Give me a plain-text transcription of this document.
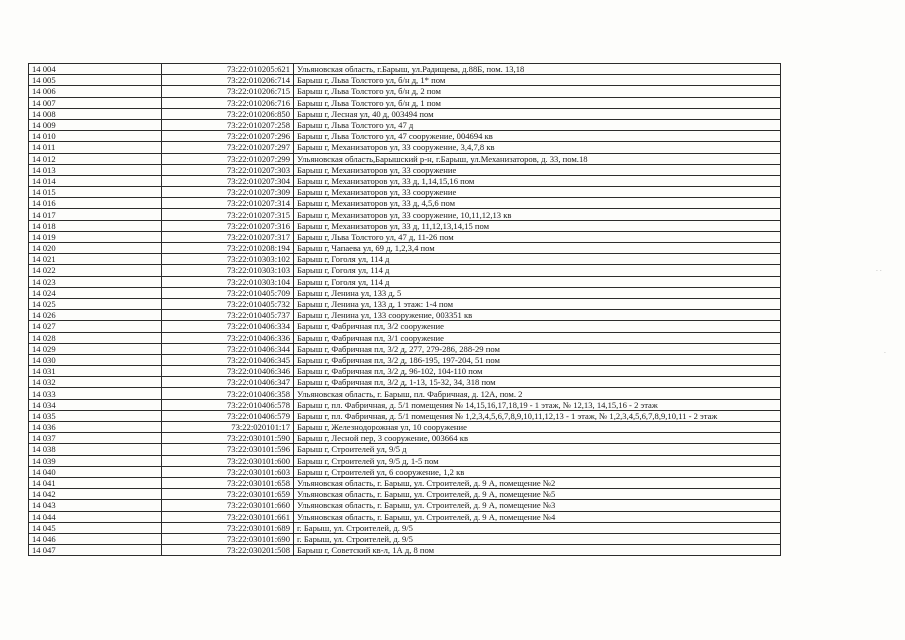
14 004	73:22:010205:621	Ульяновская область, г.Барыш, ул.Радищева, д.88Б, пом. 13,18
14 005	73:22:010206:714	Барыш г, Льва Толстого ул, б/н д, 1* пом
14 006	73:22:010206:715	Барыш г, Льва Толстого ул, б/н д, 2 пом
14 007	73:22:010206:716	Барыш г, Льва Толстого ул, б/н д, 1 пом
14 008	73:22:010206:850	Барыш г, Лесная ул, 40 д, 003494 пом
14 009	73:22:010207:258	Барыш г, Льва Толстого ул, 47 д
14 010	73:22:010207:296	Барыш г, Льва Толстого ул, 47 сооружение, 004694 кв
14 011	73:22:010207:297	Барыш г, Механизаторов ул, 33 сооружение, 3,4,7,8 кв
14 012	73:22:010207:299	Ульяновская область,Барышский р-н, г.Барыш, ул.Механизаторов, д. 33, пом.18
14 013	73:22:010207:303	Барыш г, Механизаторов ул, 33 сооружение
14 014	73:22:010207:304	Барыш г, Механизаторов ул, 33 д, 1,14,15,16 пом
14 015	73:22:010207:309	Барыш г, Механизаторов ул, 33 сооружение
14 016	73:22:010207:314	Барыш г, Механизаторов ул, 33 д, 4,5,6 пом
14 017	73:22:010207:315	Барыш г, Механизаторов ул, 33 сооружение, 10,11,12,13 кв
14 018	73:22:010207:316	Барыш г, Механизаторов ул, 33 д, 11,12,13,14,15 пом
14 019	73:22:010207:317	Барыш г, Льва Толстого ул, 47 д, 11-26 пом
14 020	73:22:010208:194	Барыш г, Чапаева ул, 69 д, 1,2,3,4 пом
14 021	73:22:010303:102	Барыш г, Гоголя ул, 114 д
14 022	73:22:010303:103	Барыш г, Гоголя ул, 114 д
14 023	73:22:010303:104	Барыш г, Гоголя ул, 114 д
14 024	73:22:010405:709	Барыш г, Ленина ул, 133 д, 5
14 025	73:22:010405:732	Барыш г, Ленина ул, 133 д, 1 этаж: 1-4 пом
14 026	73:22:010405:737	Барыш г, Ленина ул, 133 сооружение, 003351 кв
14 027	73:22:010406:334	Барыш г, Фабричная пл, 3/2 сооружение
14 028	73:22:010406:336	Барыш г, Фабричная пл, 3/1 сооружение
14 029	73:22:010406:344	Барыш г, Фабричная пл, 3/2 д, 277, 279-286, 288-29 пом
14 030	73:22:010406:345	Барыш г, Фабричная пл, 3/2 д, 186-195, 197-204, 51 пом
14 031	73:22:010406:346	Барыш г, Фабричная пл, 3/2 д, 96-102, 104-110 пом
14 032	73:22:010406:347	Барыш г, Фабричная пл, 3/2 д, 1-13, 15-32, 34, 318 пом
14 033	73:22:010406:358	Ульяновская область, г. Барыш, пл. Фабричная, д. 12А, пом. 2
14 034	73:22:010406:578	Барыш г, пл. Фабричная, д. 5/1 помещения № 14,15,16,17,18,19 - 1 этаж, № 12,13, 14,15,16 - 2 этаж
14 035	73:22:010406:579	Барыш г, пл. Фабричная, д. 5/1 помещения № 1,2,3,4,5,6,7,8,9,10,11,12,13 - 1 этаж, № 1,2,3,4,5,6,7,8,9,10,11 - 2 этаж
14 036	73:22:020101:17	Барыш г, Железнодорожная ул, 10 сооружение
14 037	73:22:030101:590	Барыш г, Лесной пер, 3 сооружение, 003664 кв
14 038	73:22:030101:596	Барыш г, Строителей ул, 9/5 д
14 039	73:22:030101:600	Барыш г, Строителей ул, 9/5 д, 1-5 пом
14 040	73:22:030101:603	Барыш г, Строителей ул, 6 сооружение, 1,2 кв
14 041	73:22:030101:658	Ульяновская область, г. Барыш, ул. Строителей, д. 9 А, помещение №2
14 042	73:22:030101:659	Ульяновская область, г. Барыш, ул. Строителей, д. 9 А, помещение №5
14 043	73:22:030101:660	Ульяновская область, г. Барыш, ул. Строителей, д. 9 А, помещение №3
14 044	73:22:030101:661	Ульяновская область, г. Барыш, ул. Строителей, д. 9 А, помещение №4
14 045	73:22:030101:689	г. Барыш, ул. Строителей, д. 9/5
14 046	73:22:030101:690	г. Барыш, ул. Строителей, д. 9/5
14 047	73:22:030201:508	Барыш г, Советский кв-л, 1А д, 8 пом
· ·
·
